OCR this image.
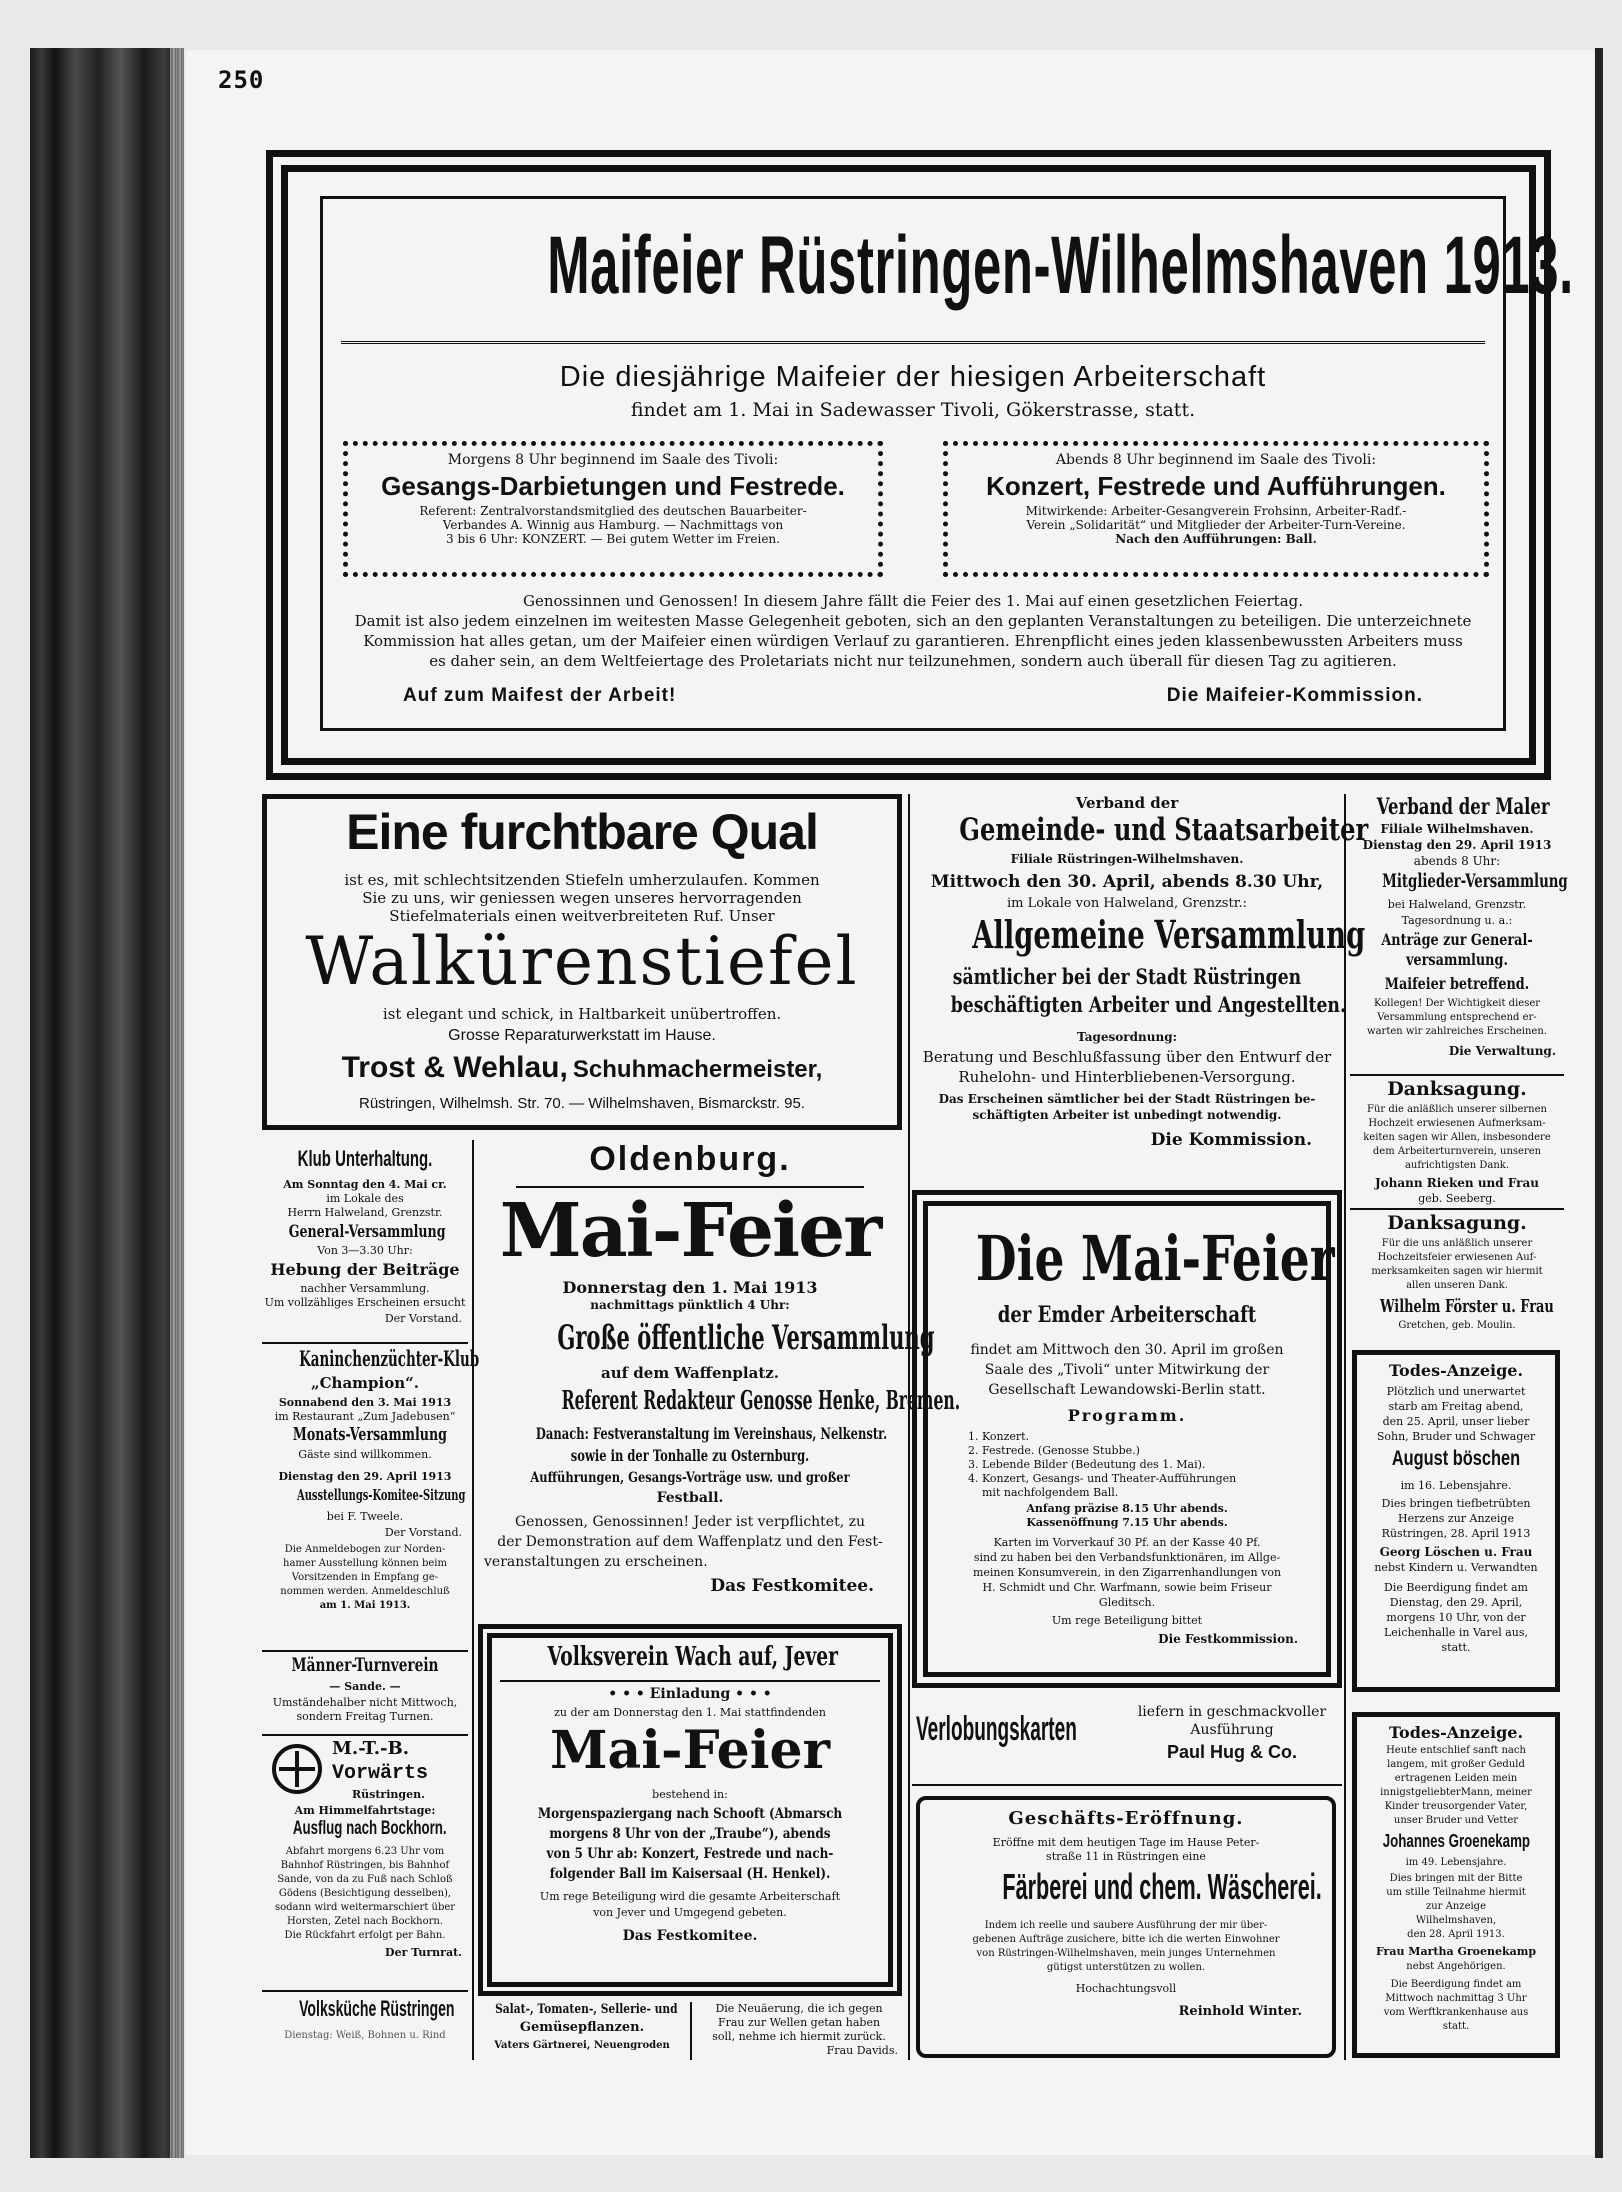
250
Maifeier Rüstringen-Wilhelmshaven 1913.
Die diesjährige Maifeier der hiesigen Arbeiterschaft
findet am 1. Mai in Sadewasser Tivoli, Gökerstrasse, statt.
Morgens 8 Uhr beginnend im Saale des Tivoli:
Gesangs-Darbietungen und Festrede.
Referent: Zentralvorstandsmitglied des deutschen Bauarbeiter-
Verbandes A. Winnig aus Hamburg. — Nachmittags von
3 bis 6 Uhr: KONZERT. — Bei gutem Wetter im Freien.
Abends 8 Uhr beginnend im Saale des Tivoli:
Konzert, Festrede und Aufführungen.
Mitwirkende: Arbeiter-Gesangverein Frohsinn, Arbeiter-Radf.-
Verein „Solidarität“ und Mitglieder der Arbeiter-Turn-Vereine.
Nach den Aufführungen: Ball.
Genossinnen und Genossen! In diesem Jahre fällt die Feier des 1. Mai auf einen gesetzlichen Feiertag.
Damit ist also jedem einzelnen im weitesten Masse Gelegenheit geboten, sich an den geplanten Veranstaltungen zu beteiligen. Die unterzeichnete
Kommission hat alles getan, um der Maifeier einen würdigen Verlauf zu garantieren. Ehrenpflicht eines jeden klassenbewussten Arbeiters muss
es daher sein, an dem Weltfeiertage des Proletariats nicht nur teilzunehmen, sondern auch überall für diesen Tag zu agitieren.
Auf zum Maifest der Arbeit!	Die Maifeier-Kommission.
Eine furchtbare Qual
ist es, mit schlechtsitzenden Stiefeln umherzulaufen. Kommen
Sie zu uns, wir geniessen wegen unseres hervorragenden
Stiefelmaterials einen weitverbreiteten Ruf. Unser
Walkürenstiefel
ist elegant und schick, in Haltbarkeit unübertroffen.
Grosse Reparaturwerkstatt im Hause.
Trost & Wehlau, Schuhmachermeister,
Rüstringen, Wilhelmsh. Str. 70. — Wilhelmshaven, Bismarckstr. 95.
Verband der
Gemeinde- und Staatsarbeiter
Filiale Rüstringen-Wilhelmshaven.
Mittwoch den 30. April, abends 8.30 Uhr,
im Lokale von Halweland, Grenzstr.:
Allgemeine Versammlung
sämtlicher bei der Stadt Rüstringen
beschäftigten Arbeiter und Angestellten.
Tagesordnung:
Beratung und Beschlußfassung über den Entwurf der
Ruhelohn- und Hinterbliebenen-Versorgung.
Das Erscheinen sämtlicher bei der Stadt Rüstringen be-
schäftigten Arbeiter ist unbedingt notwendig.
Die Kommission.
Verband der Maler
Filiale Wilhelmshaven.
Dienstag den 29. April 1913
abends 8 Uhr:
Mitglieder-Versammlung
bei Halweland, Grenzstr.
Tagesordnung u. a.:
Anträge zur General-
versammlung.
Maifeier betreffend.
Kollegen! Der Wichtigkeit dieser
Versammlung entsprechend er-
warten wir zahlreiches Erscheinen.
Die Verwaltung.
Danksagung.
Für die anläßlich unserer silbernen
Hochzeit erwiesenen Aufmerksam-
keiten sagen wir Allen, insbesondere
dem Arbeiterturnverein, unseren
aufrichtigsten Dank.
Johann Rieken und Frau
geb. Seeberg.
Danksagung.
Für die uns anläßlich unserer
Hochzeitsfeier erwiesenen Auf-
merksamkeiten sagen wir hiermit
allen unseren Dank.
Wilhelm Förster u. Frau
Gretchen, geb. Moulin.
Todes-Anzeige.
Plötzlich und unerwartet
starb am Freitag abend,
den 25. April, unser lieber
Sohn, Bruder und Schwager
August böschen
im 16. Lebensjahre.
Dies bringen tiefbetrübten
Herzens zur Anzeige
Rüstringen, 28. April 1913
Georg Löschen u. Frau
nebst Kindern u. Verwandten
Die Beerdigung findet am
Dienstag, den 29. April,
morgens 10 Uhr, von der
Leichenhalle in Varel aus,
statt.
Todes-Anzeige.
Heute entschlief sanft nach
langem, mit großer Geduld
ertragenen Leiden mein
innigstgeliebterMann, meiner
Kinder treusorgender Vater,
unser Bruder und Vetter
Johannes Groenekamp
im 49. Lebensjahre.
Dies bringen mit der Bitte
um stille Teilnahme hiermit
zur Anzeige
Wilhelmshaven,
den 28. April 1913.
Frau Martha Groenekamp
nebst Angehörigen.
Die Beerdigung findet am
Mittwoch nachmittag 3 Uhr
vom Werftkrankenhause aus
statt.
Klub Unterhaltung.
Am Sonntag den 4. Mai cr.
im Lokale des
Herrn Halweland, Grenzstr.
General-Versammlung
Von 3—3.30 Uhr:
Hebung der Beiträge
nachher Versammlung.
Um vollzähliges Erscheinen ersucht
Der Vorstand.
Kaninchenzüchter-Klub
„Champion“.
Sonnabend den 3. Mai 1913
im Restaurant „Zum Jadebusen“
Monats-Versammlung
Gäste sind willkommen.
Dienstag den 29. April 1913
Ausstellungs-Komitee-Sitzung
bei F. Tweele.
Der Vorstand.
Die Anmeldebogen zur Norden-
hamer Ausstellung können beim
Vorsitzenden in Empfang ge-
nommen werden. Anmeldeschluß
am 1. Mai 1913.
Männer-Turnverein
— Sande. —
Umständehalber nicht Mittwoch,
sondern Freitag Turnen.
M.-T.-B.
Vorwärts
Rüstringen.
Am Himmelfahrtstage:
Ausflug nach Bockhorn.
Abfahrt morgens 6.23 Uhr vom
Bahnhof Rüstringen, bis Bahnhof
Sande, von da zu Fuß nach Schloß
Gödens (Besichtigung desselben),
sodann wird weitermarschiert über
Horsten, Zetel nach Bockhorn.
Die Rückfahrt erfolgt per Bahn.
Der Turnrat.
Volksküche Rüstringen
Dienstag: Weiß, Bohnen u. Rind
Oldenburg.
Mai-Feier
Donnerstag den 1. Mai 1913
nachmittags pünktlich 4 Uhr:
Große öffentliche Versammlung
auf dem Waffenplatz.
Referent Redakteur Genosse Henke, Bremen.
Danach: Festveranstaltung im Vereinshaus, Nelkenstr.
sowie in der Tonhalle zu Osternburg.
Aufführungen, Gesangs-Vorträge usw. und großer
Festball.
Genossen, Genossinnen! Jeder ist verpflichtet, zu
der Demonstration auf dem Waffenplatz und den Fest-
veranstaltungen zu erscheinen.
Das Festkomitee.
Volksverein Wach auf, Jever
• • • Einladung • • •
zu der am Donnerstag den 1. Mai stattfindenden
Mai-Feier
bestehend in:
Morgenspaziergang nach Schooft (Abmarsch
morgens 8 Uhr von der „Traube“), abends
von 5 Uhr ab: Konzert, Festrede und nach-
folgender Ball im Kaisersaal (H. Henkel).
Um rege Beteiligung wird die gesamte Arbeiterschaft
von Jever und Umgegend gebeten.
Das Festkomitee.
Salat-, Tomaten-, Sellerie- und
Gemüsepflanzen.
Vaters Gärtnerei, Neuengroden
Die Neuäerung, die ich gegen
Frau zur Wellen getan haben
soll, nehme ich hiermit zurück.
Frau Davids.
Die Mai-Feier
der Emder Arbeiterschaft
findet am Mittwoch den 30. April im großen
Saale des „Tivoli“ unter Mitwirkung der
Gesellschaft Lewandowski-Berlin statt.
Programm.
1. Konzert.
2. Festrede. (Genosse Stubbe.)
3. Lebende Bilder (Bedeutung des 1. Mai).
4. Konzert, Gesangs- und Theater-Aufführungen
mit nachfolgendem Ball.
Anfang präzise 8.15 Uhr abends.
Kassenöffnung 7.15 Uhr abends.
Karten im Vorverkauf 30 Pf. an der Kasse 40 Pf.
sind zu haben bei den Verbandsfunktionären, im Allge-
meinen Konsumverein, in den Zigarrenhandlungen von
H. Schmidt und Chr. Warfmann, sowie beim Friseur
Gleditsch.
Um rege Beteiligung bittet
Die Festkommission.
Verlobungskarten	liefern in geschmackvoller
Ausführung
Paul Hug & Co.
Geschäfts-Eröffnung.
Eröffne mit dem heutigen Tage im Hause Peter-
straße 11 in Rüstringen eine
Färberei und chem. Wäscherei.
Indem ich reelle und saubere Ausführung der mir über-
gebenen Aufträge zusichere, bitte ich die werten Einwohner
von Rüstringen-Wilhelmshaven, mein junges Unternehmen
gütigst unterstützen zu wollen.
Hochachtungsvoll
Reinhold Winter.
